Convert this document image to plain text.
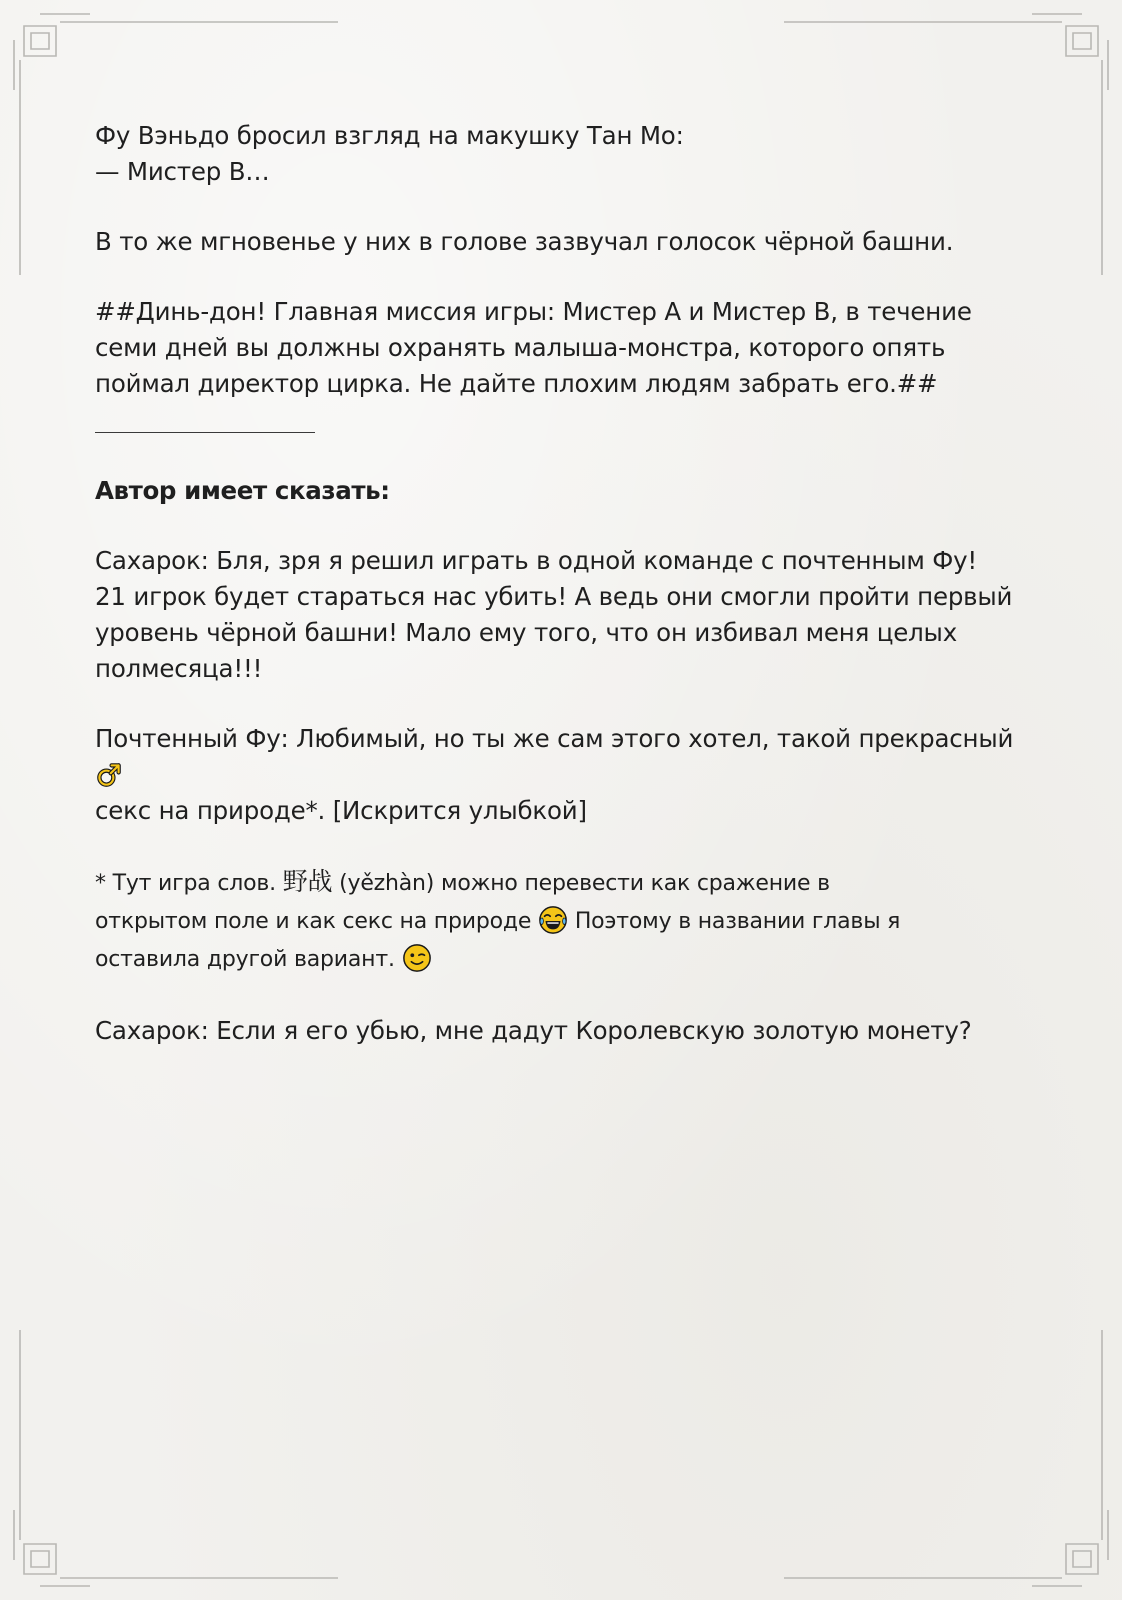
Фу Вэньдо бросил взгляд на макушку Тан Мо:

— Мистер B…

В то же мгновенье у них в голове зазвучал голосок чёрной башни.

##Динь-дон! Главная миссия игры: Мистер A и Мистер B, в течение семи дней вы должны охранять малыша-монстра, которого опять поймал директор цирка. Не дайте плохим людям забрать его.##

Автор имеет сказать:

Сахарок: Бля, зря я решил играть в одной команде с почтенным Фу! 21 игрок будет стараться нас убить! А ведь они смогли пройти первый уровень чёрной башни! Мало ему того, что он избивал меня целых полмесяца!!!

Почтенный Фу: Любимый, но ты же сам этого хотел, такой прекрасный
секс на природе*. [Искрится улыбкой]

* Тут игра слов. 野战 (yězhàn) можно перевести как сражение в открытом поле и как секс на природе Поэтому в названии главы я оставила другой вариант.

Сахарок: Если я его убью, мне дадут Королевскую золотую монету?
